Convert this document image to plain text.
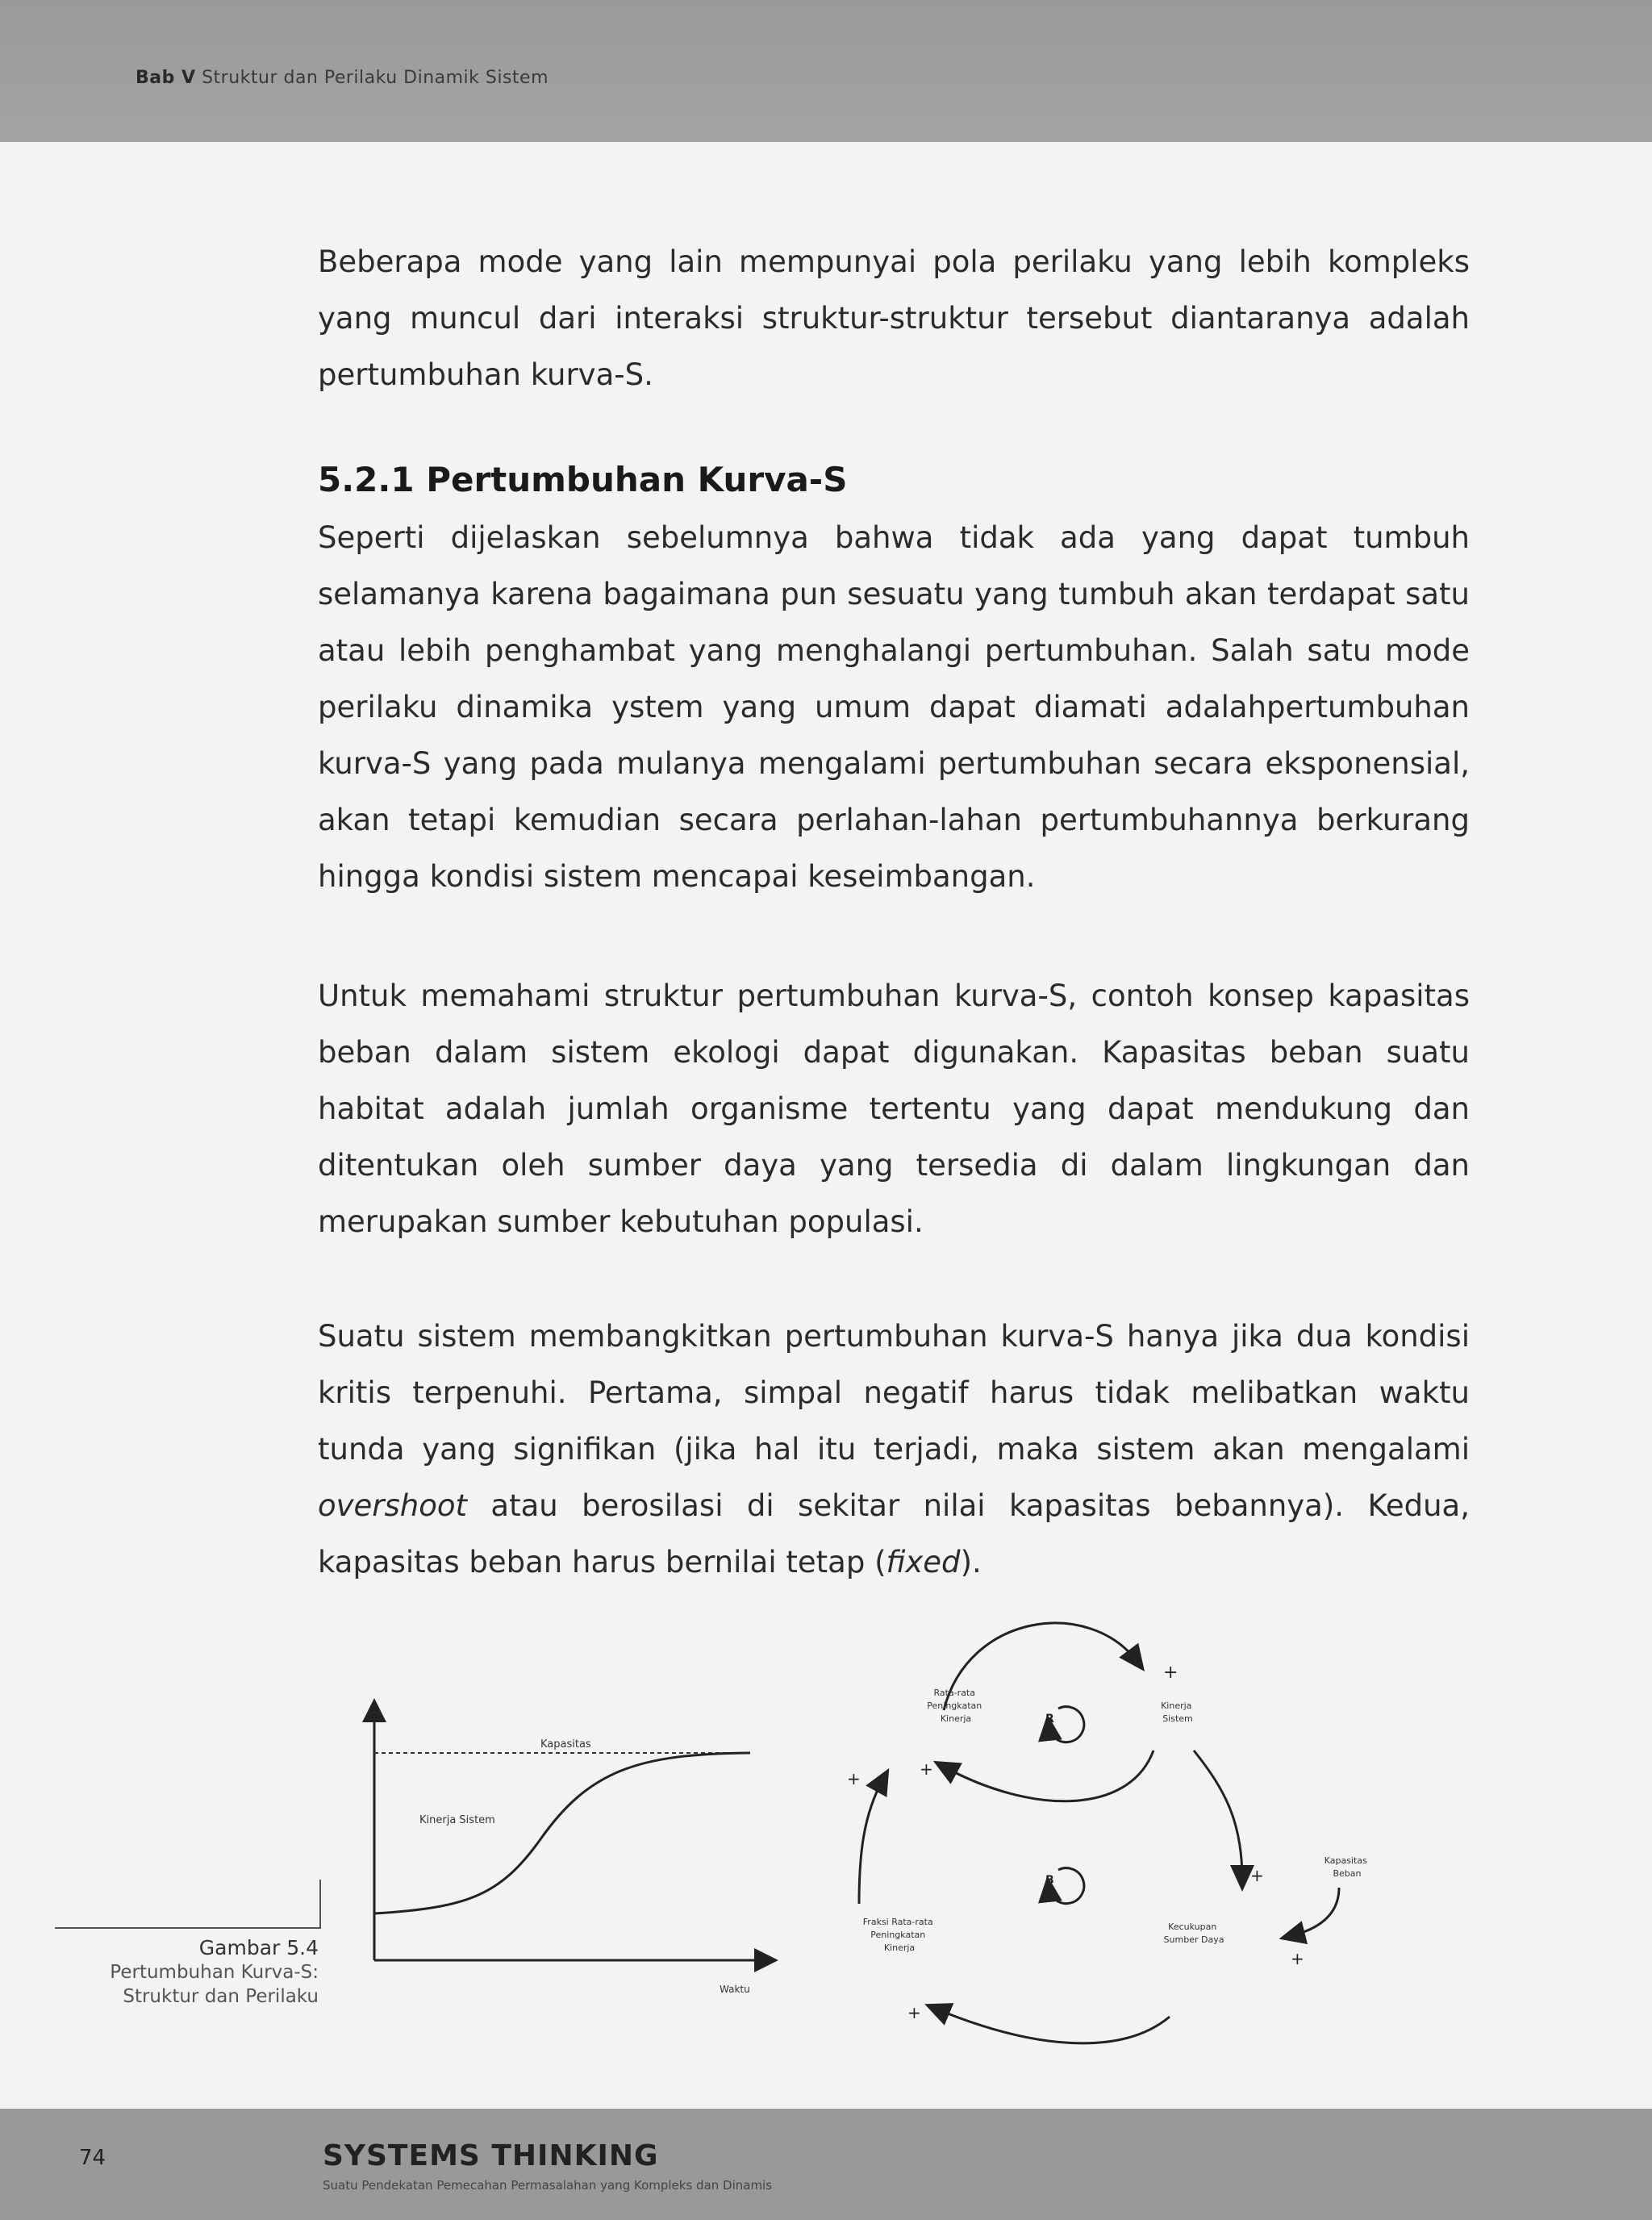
Bab V Struktur dan Perilaku Dinamik Sistem

Beberapa mode yang lain mempunyai pola perilaku yang lebih kompleks yang muncul dari interaksi struktur-struktur tersebut diantaranya adalah pertumbuhan kurva-S.

5.2.1 Pertumbuhan Kurva-S

Seperti dijelaskan sebelumnya bahwa tidak ada yang dapat tumbuh selamanya karena bagaimana pun sesuatu yang tumbuh akan terdapat satu atau lebih penghambat yang menghalangi pertumbuhan. Salah satu mode perilaku dinamika ystem yang umum dapat diamati adalahpertumbuhan kurva-S yang pada mulanya mengalami pertumbuhan secara eksponensial, akan tetapi kemudian secara perlahan-lahan pertumbuhannya berkurang hingga kondisi sistem mencapai keseimbangan.

Untuk memahami struktur pertumbuhan kurva-S, contoh konsep kapasitas beban dalam sistem ekologi dapat digunakan. Kapasitas beban suatu habitat adalah jumlah organisme tertentu yang dapat mendukung dan ditentukan oleh sumber daya yang tersedia di dalam lingkungan dan merupakan sumber kebutuhan populasi.

Suatu sistem membangkitkan pertumbuhan kurva-S hanya jika dua kondisi kritis terpenuhi. Pertama, simpal negatif harus tidak melibatkan waktu tunda yang signifikan (jika hal itu terjadi, maka sistem akan mengalami overshoot atau berosilasi di sekitar nilai kapasitas bebannya). Kedua, kapasitas beban harus bernilai tetap (fixed).

Kapasitas
Kinerja Sistem
Waktu
+
+
+
+
+
+
R
B
Rata-rata Peningkatan Kinerja
Kinerja Sistem
Kapasitas Beban
Kecukupan Sumber Daya
Fraksi Rata-rata Peningkatan Kinerja
Gambar 5.4
Pertumbuhan Kurva-S:
Struktur dan Perilaku
74	SYSTEMS THINKING
Suatu Pendekatan Pemecahan Permasalahan yang Kompleks dan Dinamis
